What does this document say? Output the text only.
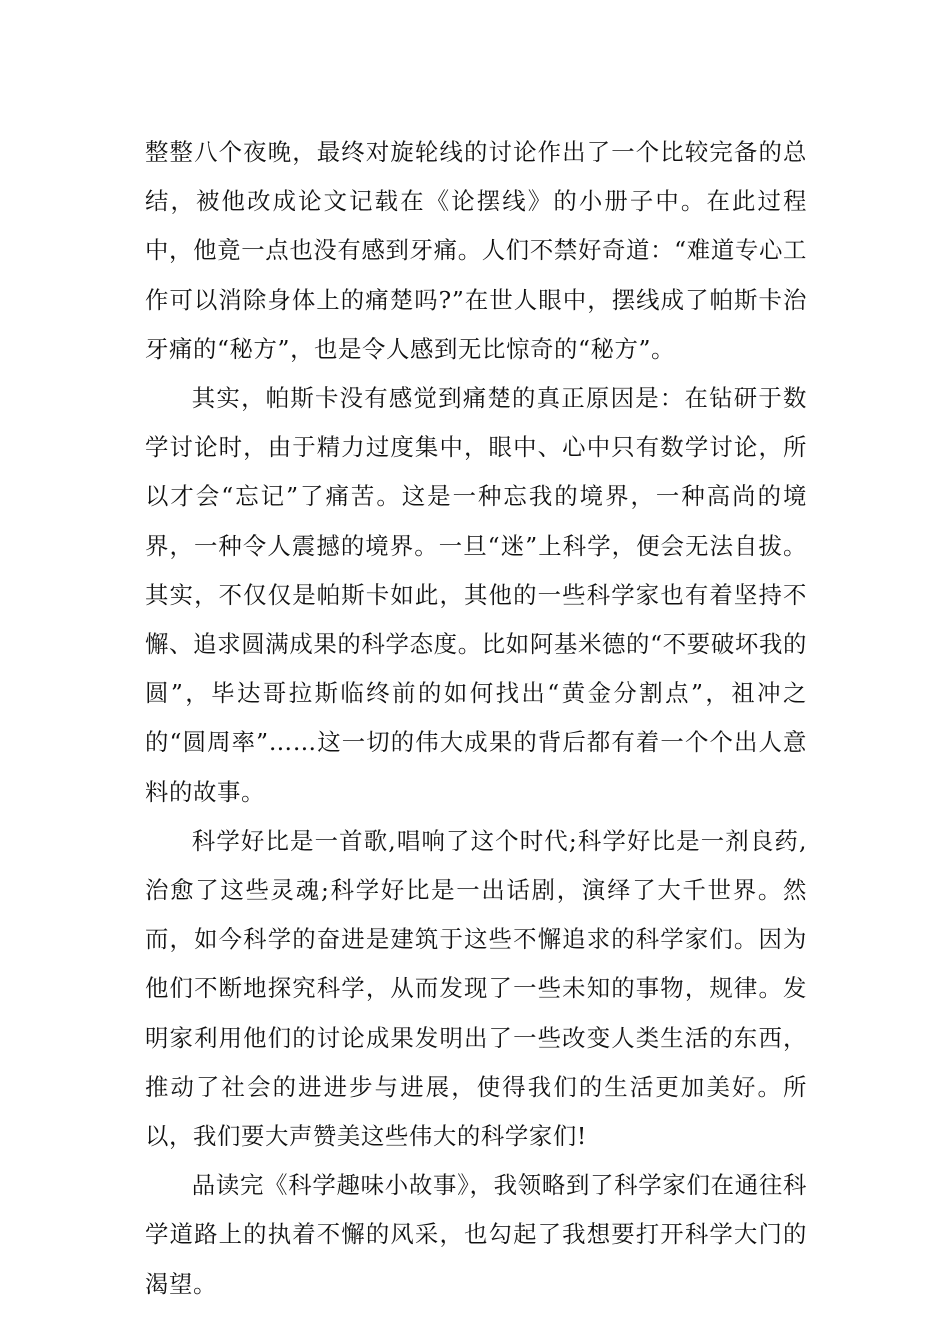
整整八个夜晚，最终对旋轮线的讨论作出了一个比较完备的总结，被他改成论文记载在《论摆线》的小册子中。在此过程中，他竟一点也没有感到牙痛。人们不禁好奇道：“难道专心工作可以消除身体上的痛楚吗?”在世人眼中，摆线成了帕斯卡治牙痛的“秘方”，也是令人感到无比惊奇的“秘方”。

其实，帕斯卡没有感觉到痛楚的真正原因是：在钻研于数学讨论时，由于精力过度集中，眼中、心中只有数学讨论，所以才会“忘记”了痛苦。这是一种忘我的境界，一种高尚的境界，一种令人震撼的境界。一旦“迷”上科学，便会无法自拔。其实，不仅仅是帕斯卡如此，其他的一些科学家也有着坚持不懈、追求圆满成果的科学态度。比如阿基米德的“不要破坏我的圆”，毕达哥拉斯临终前的如何找出“黄金分割点”，祖冲之的“圆周率”……这一切的伟大成果的背后都有着一个个出人意料的故事。

科学好比是一首歌,唱响了这个时代;科学好比是一剂良药,治愈了这些灵魂;科学好比是一出话剧，演绎了大千世界。然而，如今科学的奋进是建筑于这些不懈追求的科学家们。因为他们不断地探究科学，从而发现了一些未知的事物，规律。发明家利用他们的讨论成果发明出了一些改变人类生活的东西，推动了社会的进进步与进展，使得我们的生活更加美好。所以，我们要大声赞美这些伟大的科学家们!

品读完《科学趣味小故事》，我领略到了科学家们在通往科学道路上的执着不懈的风采，也勾起了我想要打开科学大门的渴望。
